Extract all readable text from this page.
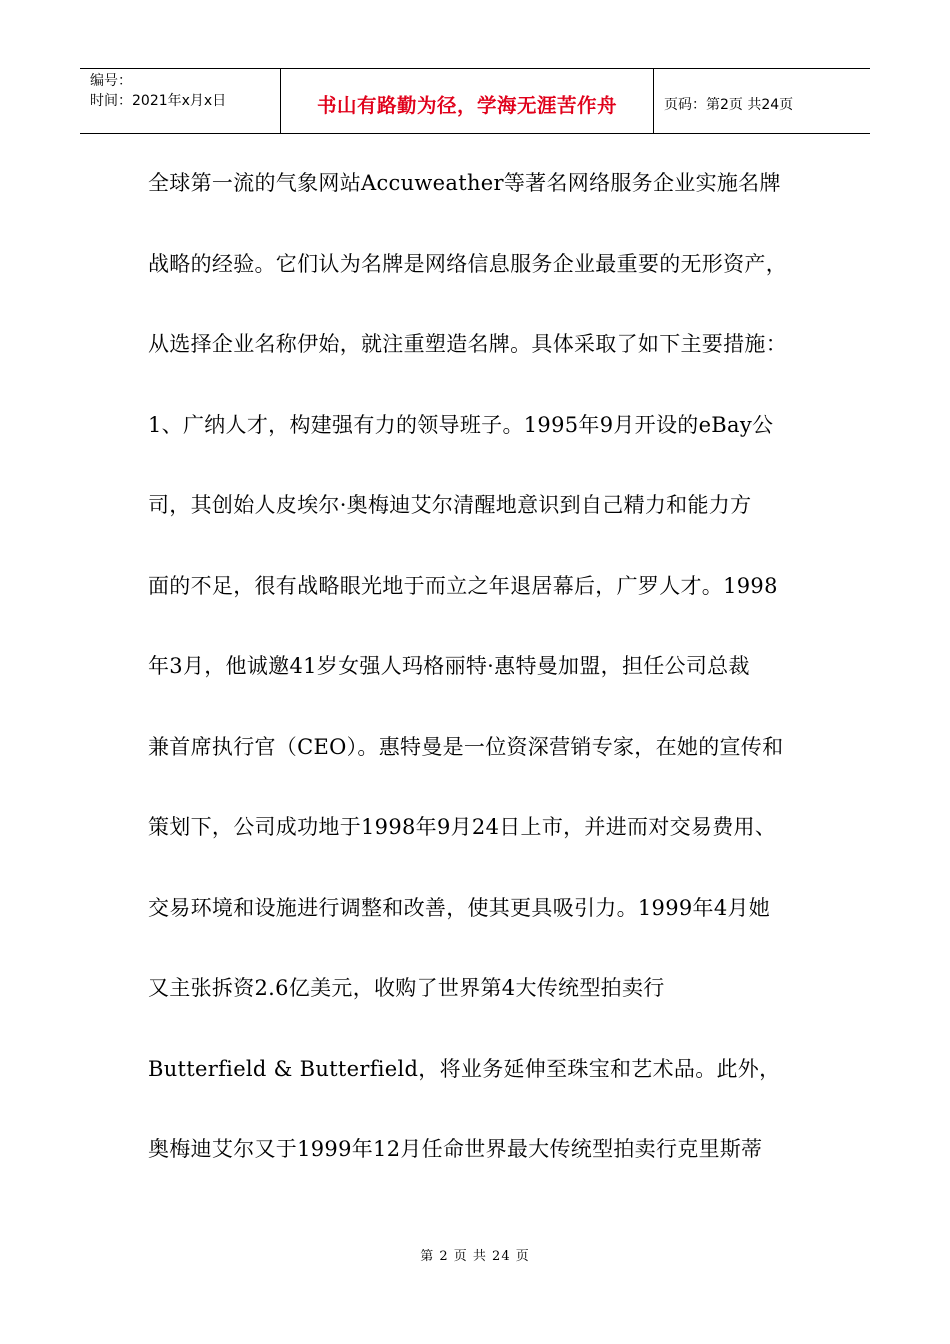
编号：
时间：2021年x月x日	书山有路勤为径，学海无涯苦作舟	页码：第2页 共24页
全球第一流的气象网站Accuweather等著名网络服务企业实施名牌
战略的经验。它们认为名牌是网络信息服务企业最重要的无形资产，
从选择企业名称伊始，就注重塑造名牌。具体采取了如下主要措施：
1、广纳人才，构建强有力的领导班子。1995年9月开设的eBay公
司，其创始人皮埃尔·奥梅迪艾尔清醒地意识到自己精力和能力方
面的不足，很有战略眼光地于而立之年退居幕后，广罗人才。1998
年3月，他诚邀41岁女强人玛格丽特·惠特曼加盟，担任公司总裁
兼首席执行官（CEO）。惠特曼是一位资深营销专家，在她的宣传和
策划下，公司成功地于1998年9月24日上市，并进而对交易费用、
交易环境和设施进行调整和改善，使其更具吸引力。1999年4月她
又主张拆资2.6亿美元，收购了世界第4大传统型拍卖行
Butterfield & Butterfield，将业务延伸至珠宝和艺术品。此外，
奥梅迪艾尔又于1999年12月任命世界最大传统型拍卖行克里斯蒂
第 2 页 共 24 页
